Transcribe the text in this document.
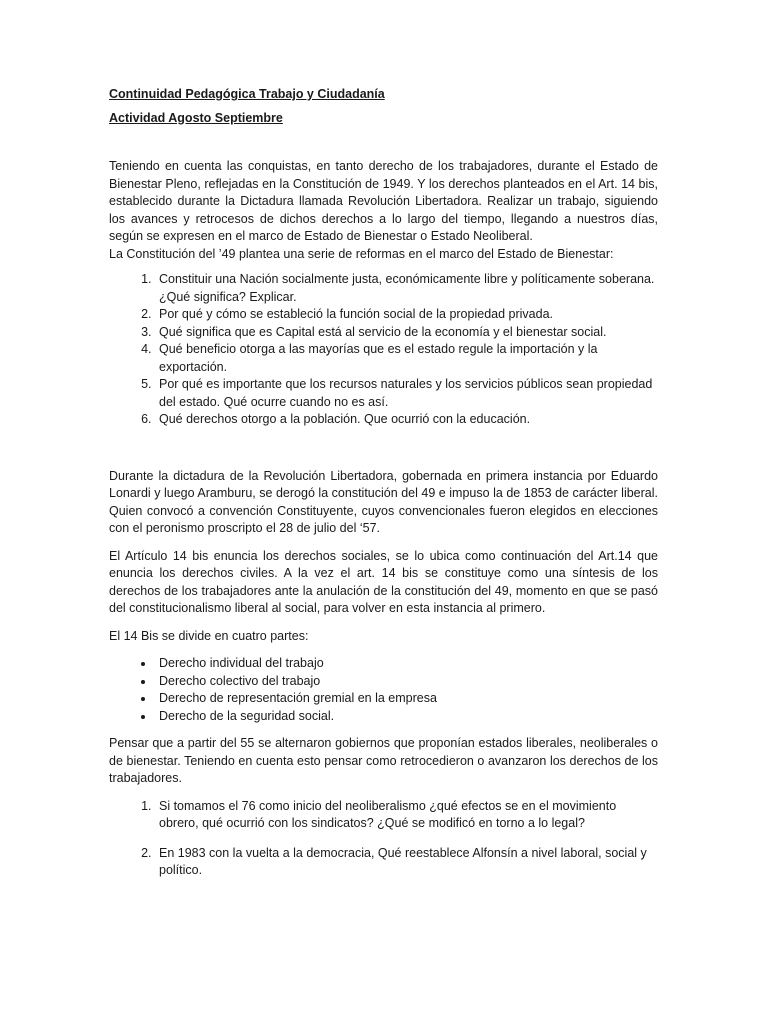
Continuidad Pedagógica Trabajo y Ciudadanía

Actividad Agosto Septiembre

Teniendo en cuenta las conquistas, en tanto derecho de los trabajadores, durante el Estado de Bienestar Pleno, reflejadas en la Constitución de 1949. Y los derechos planteados en el Art. 14 bis, establecido durante la Dictadura llamada Revolución Libertadora. Realizar un trabajo, siguiendo los avances y retrocesos de dichos derechos a lo largo del tiempo, llegando a nuestros días, según se expresen en el marco de Estado de Bienestar o Estado Neoliberal.

La Constitución del ’49 plantea una serie de reformas en el marco del Estado de Bienestar:

1. Constituir una Nación socialmente justa, económicamente libre y políticamente soberana. ¿Qué significa? Explicar.
2. Por qué y cómo se estableció la función social de la propiedad privada.
3. Qué significa que es Capital está al servicio de la economía y el bienestar social.
4. Qué beneficio otorga a las mayorías que es el estado regule la importación y la exportación.
5. Por qué es importante que los recursos naturales y los servicios públicos sean propiedad del estado. Qué ocurre cuando no es así.
6. Qué derechos otorgo a la población. Que ocurrió con la educación.

Durante la dictadura de la Revolución Libertadora, gobernada en primera instancia por Eduardo Lonardi y luego Aramburu, se derogó la constitución del 49 e impuso la de 1853 de carácter liberal. Quien convocó a convención Constituyente, cuyos convencionales fueron elegidos en elecciones con el peronismo proscripto el 28 de julio del ‘57.

El Artículo 14 bis enuncia los derechos sociales, se lo ubica como continuación del Art.14 que enuncia los derechos civiles. A la vez el art. 14 bis se constituye como una síntesis de los derechos de los trabajadores ante la anulación de la constitución del 49, momento en que se pasó del constitucionalismo liberal al social, para volver en esta instancia al primero.

El 14 Bis se divide en cuatro partes:

• Derecho individual del trabajo
• Derecho colectivo del trabajo
• Derecho de representación gremial en la empresa
• Derecho de la seguridad social.

Pensar que a partir del 55 se alternaron gobiernos que proponían estados liberales, neoliberales o de bienestar. Teniendo en cuenta esto pensar como retrocedieron o avanzaron los derechos de los trabajadores.

1. Si tomamos el 76 como inicio del neoliberalismo ¿qué efectos se en el movimiento obrero, qué ocurrió con los sindicatos? ¿Qué se modificó en torno a lo legal?
2. En 1983 con la vuelta a la democracia, Qué reestablece Alfonsín a nivel laboral, social y político.
